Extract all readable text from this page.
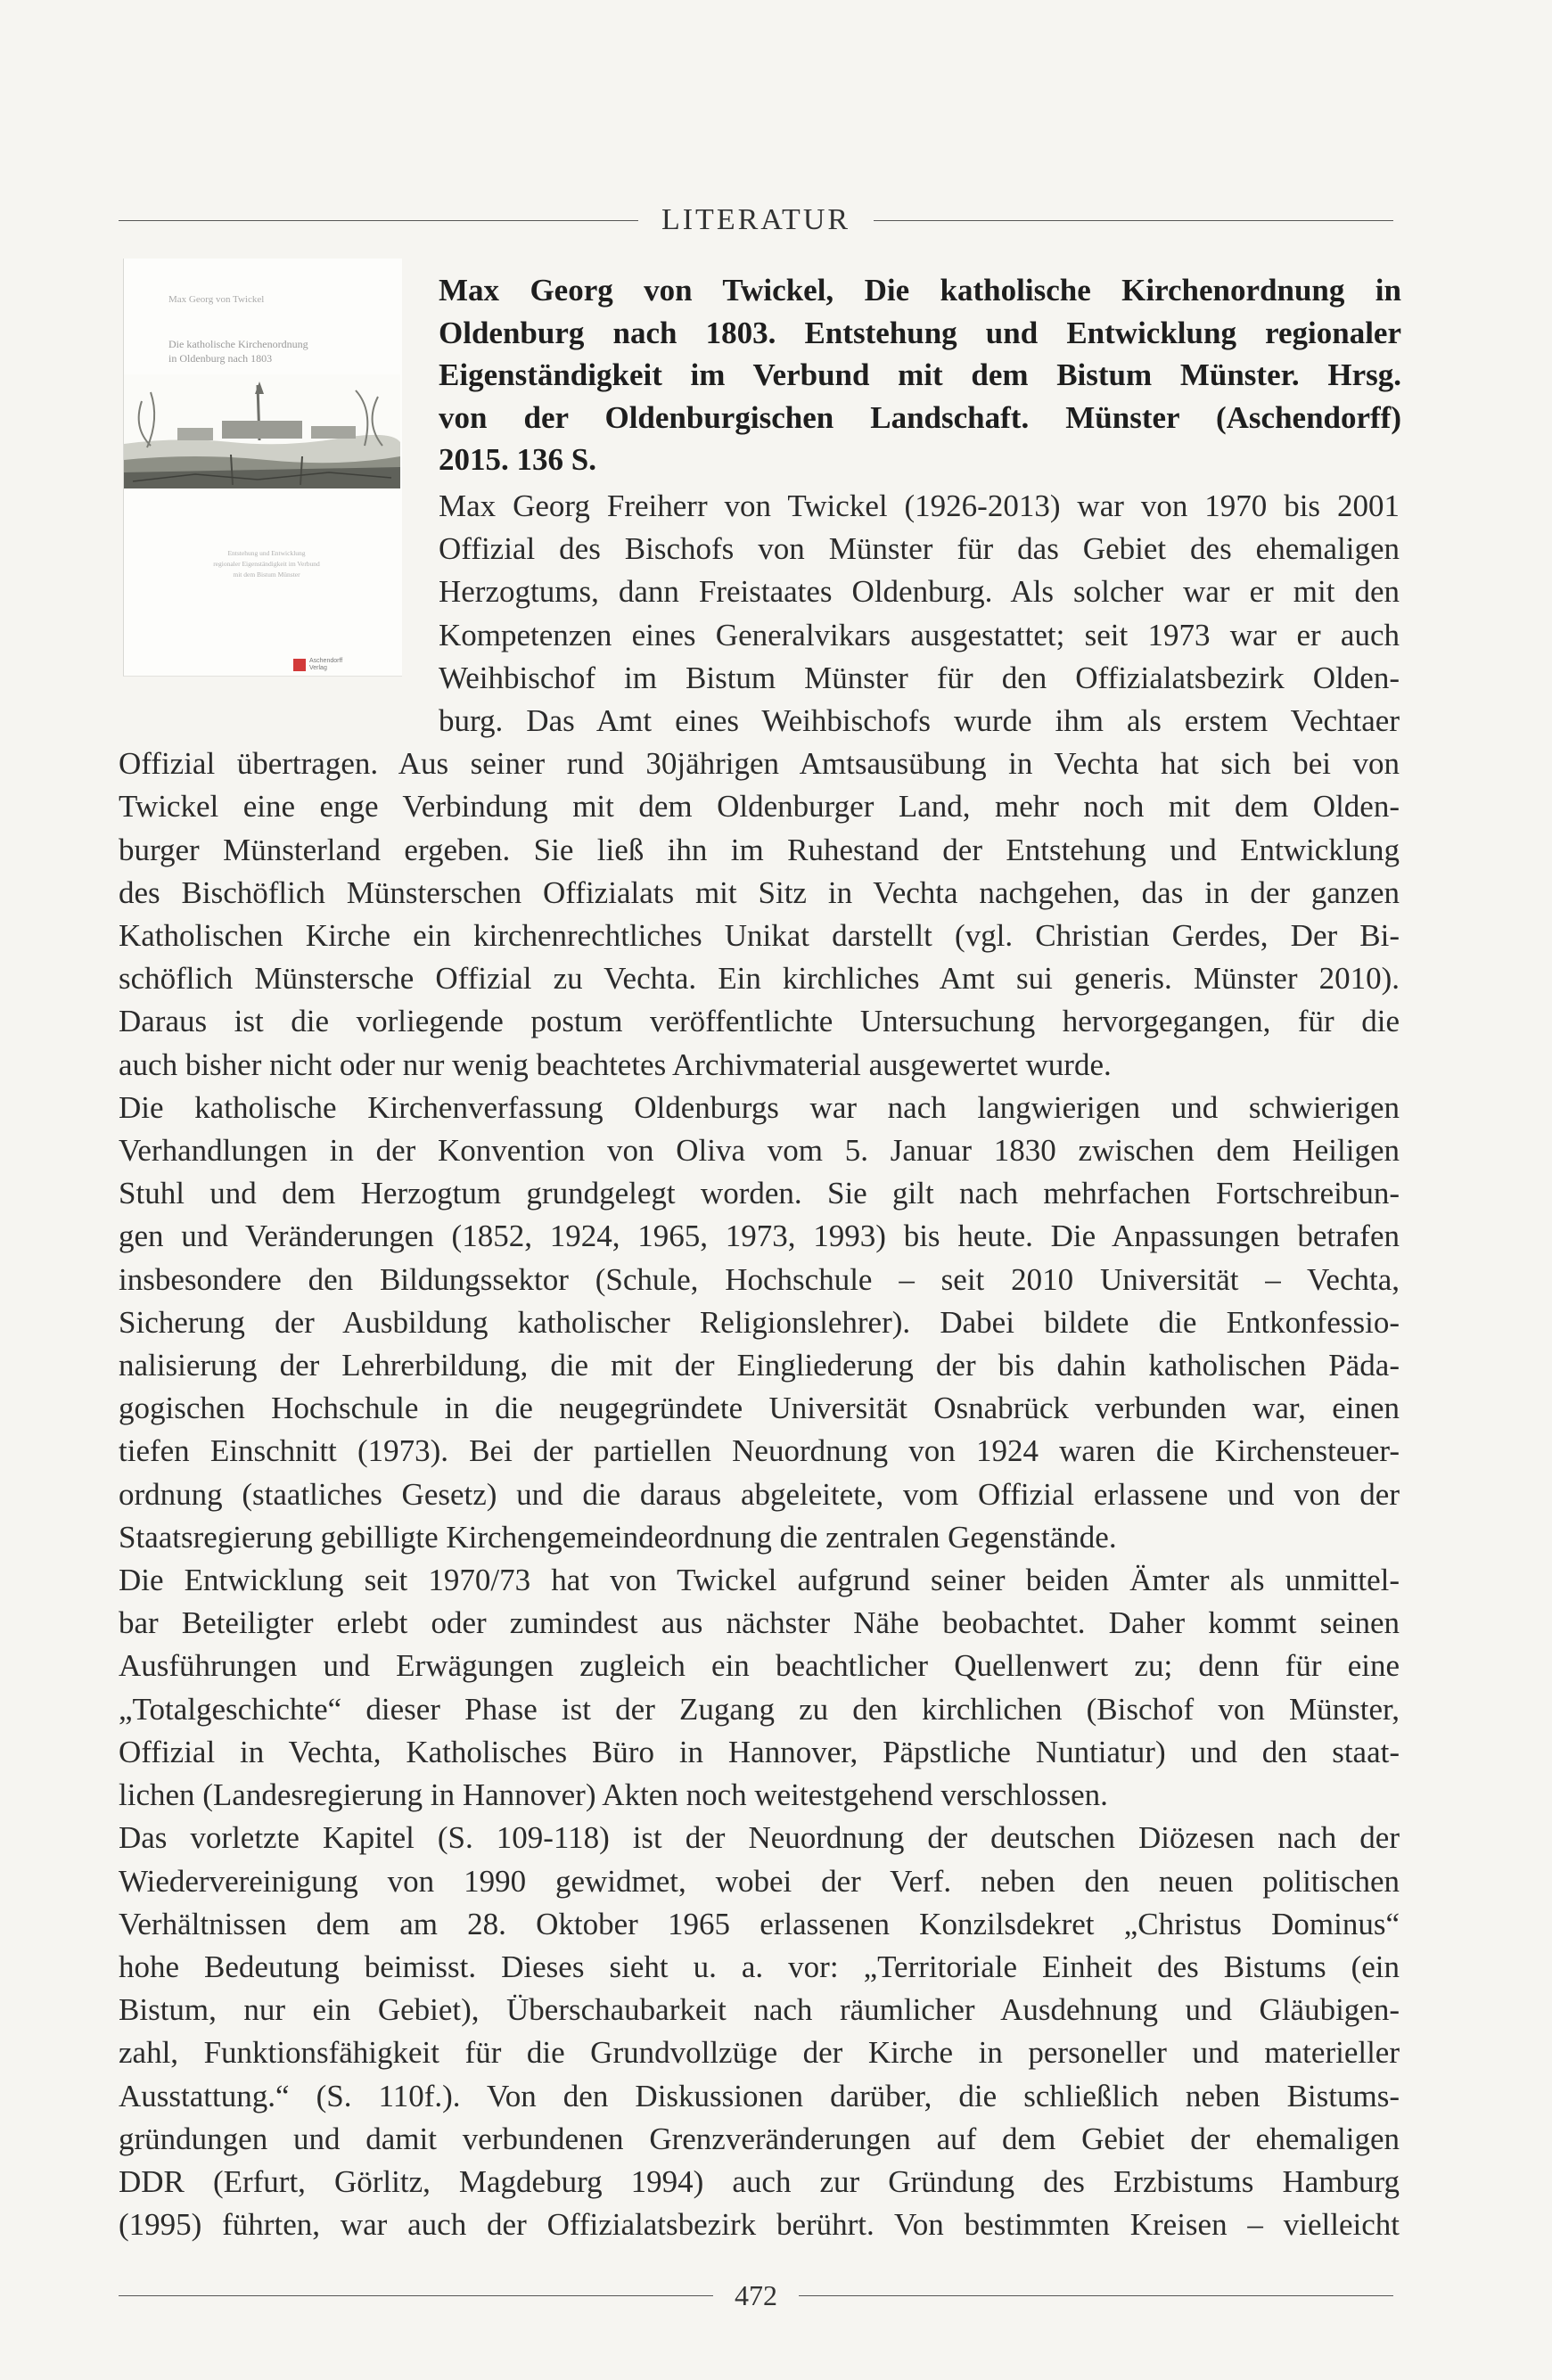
LITERATUR
Max Georg von Twickel
Die katholische Kirchenordnung
in Oldenburg nach 1803
Entstehung und Entwicklung
regionaler Eigenständigkeit im Verbund
mit dem Bistum Münster
Aschendorff
Verlag
Max Georg von Twickel, Die katholische Kirchenordnung in
Oldenburg nach 1803. Entstehung und Entwicklung regionaler
Eigenständigkeit im Verbund mit dem Bistum Münster. Hrsg.
von der Oldenburgischen Landschaft. Münster (Aschendorff)
2015. 136 S.
Max Georg Freiherr von Twickel (1926-2013) war von 1970 bis 2001
Offizial des Bischofs von Münster für das Gebiet des ehemaligen
Herzogtums, dann Freistaates Oldenburg. Als solcher war er mit den
Kompetenzen eines Generalvikars ausgestattet; seit 1973 war er auch
Weihbischof im Bistum Münster für den Offizialatsbezirk Olden-
burg. Das Amt eines Weihbischofs wurde ihm als erstem Vechtaer
Offizial übertragen. Aus seiner rund 30jährigen Amtsausübung in Vechta hat sich bei von
Twickel eine enge Verbindung mit dem Oldenburger Land, mehr noch mit dem Olden-
burger Münsterland ergeben. Sie ließ ihn im Ruhestand der Entstehung und Entwicklung
des Bischöflich Münsterschen Offizialats mit Sitz in Vechta nachgehen, das in der ganzen
Katholischen Kirche ein kirchenrechtliches Unikat darstellt (vgl. Christian Gerdes, Der Bi-
schöflich Münstersche Offizial zu Vechta. Ein kirchliches Amt sui generis. Münster 2010).
Daraus ist die vorliegende postum veröffentlichte Untersuchung hervorgegangen, für die
auch bisher nicht oder nur wenig beachtetes Archivmaterial ausgewertet wurde.
Die katholische Kirchenverfassung Oldenburgs war nach langwierigen und schwierigen
Verhandlungen in der Konvention von Oliva vom 5. Januar 1830 zwischen dem Heiligen
Stuhl und dem Herzogtum grundgelegt worden. Sie gilt nach mehrfachen Fortschreibun-
gen und Veränderungen (1852, 1924, 1965, 1973, 1993) bis heute. Die Anpassungen betrafen
insbesondere den Bildungssektor (Schule, Hochschule – seit 2010 Universität – Vechta,
Sicherung der Ausbildung katholischer Religionslehrer). Dabei bildete die Entkonfessio-
nalisierung der Lehrerbildung, die mit der Eingliederung der bis dahin katholischen Päda-
gogischen Hochschule in die neugegründete Universität Osnabrück verbunden war, einen
tiefen Einschnitt (1973). Bei der partiellen Neuordnung von 1924 waren die Kirchensteuer-
ordnung (staatliches Gesetz) und die daraus abgeleitete, vom Offizial erlassene und von der
Staatsregierung gebilligte Kirchengemeindeordnung die zentralen Gegenstände.
Die Entwicklung seit 1970/73 hat von Twickel aufgrund seiner beiden Ämter als unmittel-
bar Beteiligter erlebt oder zumindest aus nächster Nähe beobachtet. Daher kommt seinen
Ausführungen und Erwägungen zugleich ein beachtlicher Quellenwert zu; denn für eine
„Totalgeschichte“ dieser Phase ist der Zugang zu den kirchlichen (Bischof von Münster,
Offizial in Vechta, Katholisches Büro in Hannover, Päpstliche Nuntiatur) und den staat-
lichen (Landesregierung in Hannover) Akten noch weitestgehend verschlossen.
Das vorletzte Kapitel (S. 109-118) ist der Neuordnung der deutschen Diözesen nach der
Wiedervereinigung von 1990 gewidmet, wobei der Verf. neben den neuen politischen
Verhältnissen dem am 28. Oktober 1965 erlassenen Konzilsdekret „Christus Dominus“
hohe Bedeutung beimisst. Dieses sieht u. a. vor: „Territoriale Einheit des Bistums (ein
Bistum, nur ein Gebiet), Überschaubarkeit nach räumlicher Ausdehnung und Gläubigen-
zahl, Funktionsfähigkeit für die Grundvollzüge der Kirche in personeller und materieller
Ausstattung.“ (S. 110f.). Von den Diskussionen darüber, die schließlich neben Bistums-
gründungen und damit verbundenen Grenzveränderungen auf dem Gebiet der ehemaligen
DDR (Erfurt, Görlitz, Magdeburg 1994) auch zur Gründung des Erzbistums Hamburg
(1995) führten, war auch der Offizialatsbezirk berührt. Von bestimmten Kreisen – vielleicht
472
